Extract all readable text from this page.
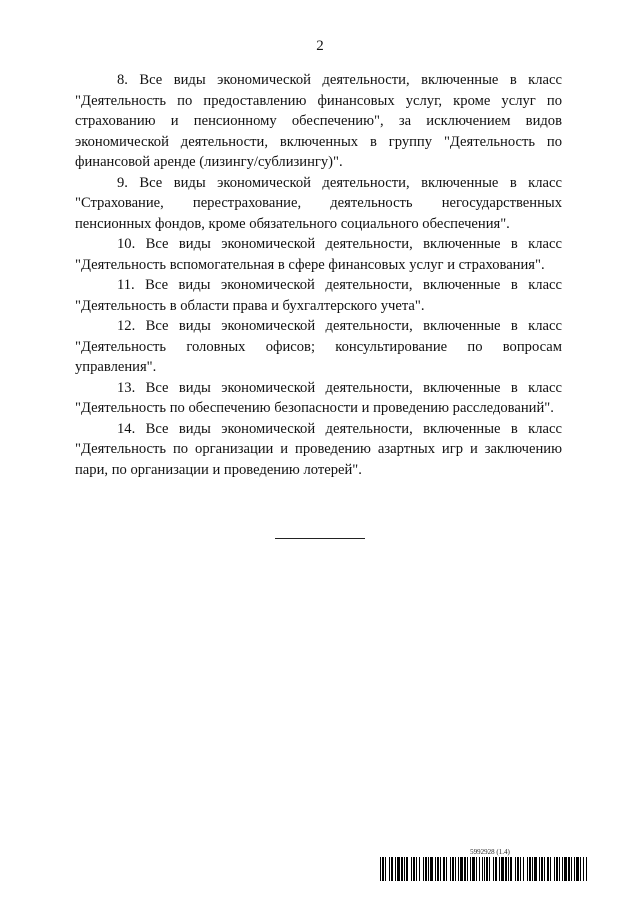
2

8. Все виды экономической деятельности, включенные в класс "Деятельность по предоставлению финансовых услуг, кроме услуг по страхованию и пенсионному обеспечению", за исключением видов экономической деятельности, включенных в группу "Деятельность по финансовой аренде (лизингу/сублизингу)".

9. Все виды экономической деятельности, включенные в класс "Страхование, перестрахование, деятельность негосударственных пенсионных фондов, кроме обязательного социального обеспечения".

10. Все виды экономической деятельности, включенные в класс "Деятельность вспомогательная в сфере финансовых услуг и страхования".

11. Все виды экономической деятельности, включенные в класс "Деятельность в области права и бухгалтерского учета".

12. Все виды экономической деятельности, включенные в класс "Деятельность головных офисов; консультирование по вопросам управления".

13. Все виды экономической деятельности, включенные в класс "Деятельность по обеспечению безопасности и проведению расследований".

14. Все виды экономической деятельности, включенные в класс "Деятельность по организации и проведению азартных игр и заключению пари, по организации и проведению лотерей".

5992928 (1.4)
